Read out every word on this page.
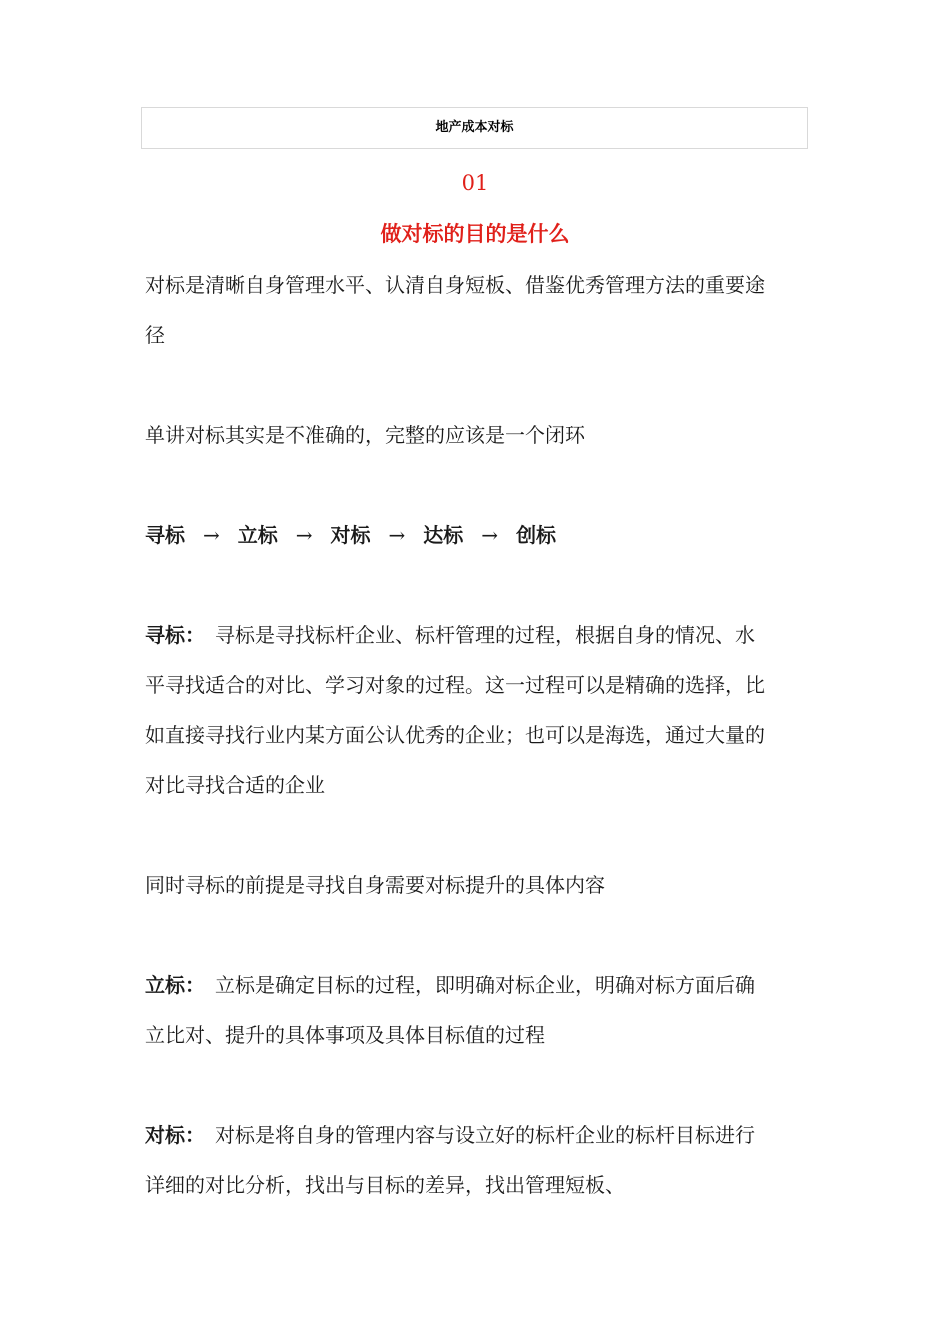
地产成本对标
01
做对标的目的是什么

对标是清晰自身管理水平、认清自身短板、借鉴优秀管理方法的重要途径

单讲对标其实是不准确的，完整的应该是一个闭环

寻标 → 立标 → 对标 → 达标 → 创标

寻标： 寻标是寻找标杆企业、标杆管理的过程，根据自身的情况、水平寻找适合的对比、学习对象的过程。这一过程可以是精确的选择，比如直接寻找行业内某方面公认优秀的企业；也可以是海选，通过大量的对比寻找合适的企业

同时寻标的前提是寻找自身需要对标提升的具体内容

立标： 立标是确定目标的过程，即明确对标企业，明确对标方面后确立比对、提升的具体事项及具体目标值的过程

对标： 对标是将自身的管理内容与设立好的标杆企业的标杆目标进行详细的对比分析，找出与目标的差异，找出管理短板、
